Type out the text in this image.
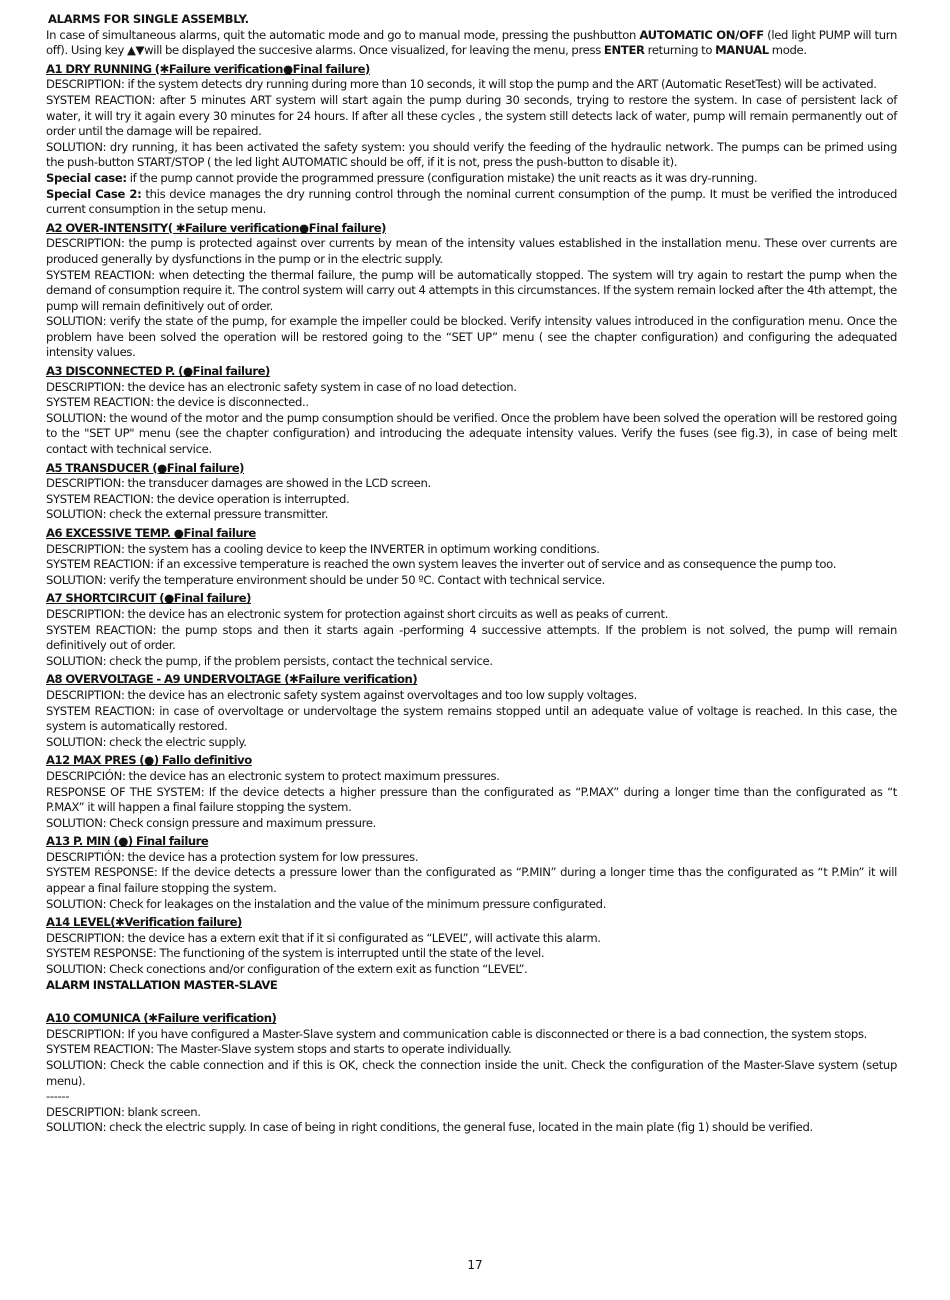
ALARMS FOR SINGLE ASSEMBLY.

In case of simultaneous alarms, quit the automatic mode and go to manual mode, pressing the pushbutton AUTOMATIC ON/OFF (led light PUMP will turn off). Using key ▲▼will be displayed the succesive alarms. Once visualized, for leaving the menu, press ENTER returning to MANUAL mode.

A1 DRY RUNNING (✱Failure verification●Final failure)

DESCRIPTION: if the system detects dry running during more than 10 seconds, it will stop the pump and the ART (Automatic ResetTest) will be activated.

SYSTEM REACTION: after 5 minutes ART system will start again the pump during 30 seconds, trying to restore the system. In case of persistent lack of water, it will try it again every 30 minutes for 24 hours. If after all these cycles , the system still detects lack of water, pump will remain permanently out of order until the damage will be repaired.

SOLUTION: dry running, it has been activated the safety system: you should verify the feeding of the hydraulic network. The pumps can be primed using the push-button START/STOP ( the led light AUTOMATIC should be off, if it is not, press the push-button to disable it).

Special case: if the pump cannot provide the programmed pressure (configuration mistake) the unit reacts as it was dry-running.

Special Case 2: this device manages the dry running control through the nominal current consumption of the pump. It must be verified the introduced current consumption in the setup menu.

A2 OVER-INTENSITY( ✱Failure verification●Final failure)

DESCRIPTION: the pump is protected against over currents by mean of the intensity values established in the installation menu. These over currents are produced generally by dysfunctions in the pump or in the electric supply.

SYSTEM REACTION: when detecting the thermal failure, the pump will be automatically stopped. The system will try again to restart the pump when the demand of consumption require it. The control system will carry out 4 attempts in this circumstances. If the system remain locked after the 4th attempt, the pump will remain definitively out of order.

SOLUTION: verify the state of the pump, for example the impeller could be blocked. Verify intensity values introduced in the configuration menu. Once the problem have been solved the operation will be restored going to the “SET UP” menu ( see the chapter configuration) and configuring the adequated intensity values.

A3 DISCONNECTED P. (●Final failure)

DESCRIPTION: the device has an electronic safety system in case of no load detection.

SYSTEM REACTION: the device is disconnected..

SOLUTION: the wound of the motor and the pump consumption should be verified. Once the problem have been solved the operation will be restored going to the "SET UP" menu (see the chapter configuration) and introducing the adequate intensity values. Verify the fuses (see fig.3), in case of being melt contact with technical service.

A5 TRANSDUCER (●Final failure)

DESCRIPTION: the transducer damages are showed in the LCD screen.

SYSTEM REACTION: the device operation is interrupted.

SOLUTION: check the external pressure transmitter.

A6 EXCESSIVE TEMP. ●Final failure

DESCRIPTION: the system has a cooling device to keep the INVERTER in optimum working conditions.

SYSTEM REACTION: if an excessive temperature is reached the own system leaves the inverter out of service and as consequence the pump too.

SOLUTION: verify the temperature environment should be under 50 ºC. Contact with technical service.

A7 SHORTCIRCUIT (●Final failure)

DESCRIPTION: the device has an electronic system for protection against short circuits as well as peaks of current.

SYSTEM REACTION: the pump stops and then it starts again -performing 4 successive attempts. If the problem is not solved, the pump will remain definitively out of order.

SOLUTION: check the pump, if the problem persists, contact the technical service.

A8 OVERVOLTAGE - A9 UNDERVOLTAGE (✱Failure verification)

DESCRIPTION: the device has an electronic safety system against overvoltages and too low supply voltages.

SYSTEM REACTION: in case of overvoltage or undervoltage the system remains stopped until an adequate value of voltage is reached. In this case, the system is automatically restored.

SOLUTION: check the electric supply.

A12 MAX PRES (●) Fallo definitivo

DESCRIPCIÓN: the device has an electronic system to protect maximum pressures.

RESPONSE OF THE SYSTEM: If the device detects a higher pressure than the configurated as “P.MAX” during a longer time than the configurated as “t P.MAX” it will happen a final failure stopping the system.

SOLUTION: Check consign pressure and maximum pressure.

A13 P. MIN (●) Final failure

DESCRIPTIÓN: the device has a protection system for low pressures.

SYSTEM RESPONSE: If the device detects a pressure lower than the configurated as “P.MIN” during a longer time thas the configurated as “t P.Min” it will appear a final failure stopping the system.

SOLUTION: Check for leakages on the instalation and the value of the minimum pressure configurated.

A14 LEVEL(✱Verification failure)

DESCRIPTION: the device has a extern exit that if it si configurated as “LEVEL”, will activate this alarm.

SYSTEM RESPONSE: The functioning of the system is interrupted until the state of the level.

SOLUTION: Check conections and/or configuration of the extern exit as function “LEVEL”.

ALARM INSTALLATION MASTER-SLAVE
A10 COMUNICA (✱Failure verification)

DESCRIPTION: If you have configured a Master-Slave system and communication cable is disconnected or there is a bad connection, the system stops.

SYSTEM REACTION: The Master-Slave system stops and starts to operate individually.

SOLUTION: Check the cable connection and if this is OK, check the connection inside the unit. Check the configuration of the Master-Slave system (setup menu).

------

DESCRIPTION: blank screen.

SOLUTION: check the electric supply. In case of being in right conditions, the general fuse, located in the main plate (fig 1) should be verified.

17
